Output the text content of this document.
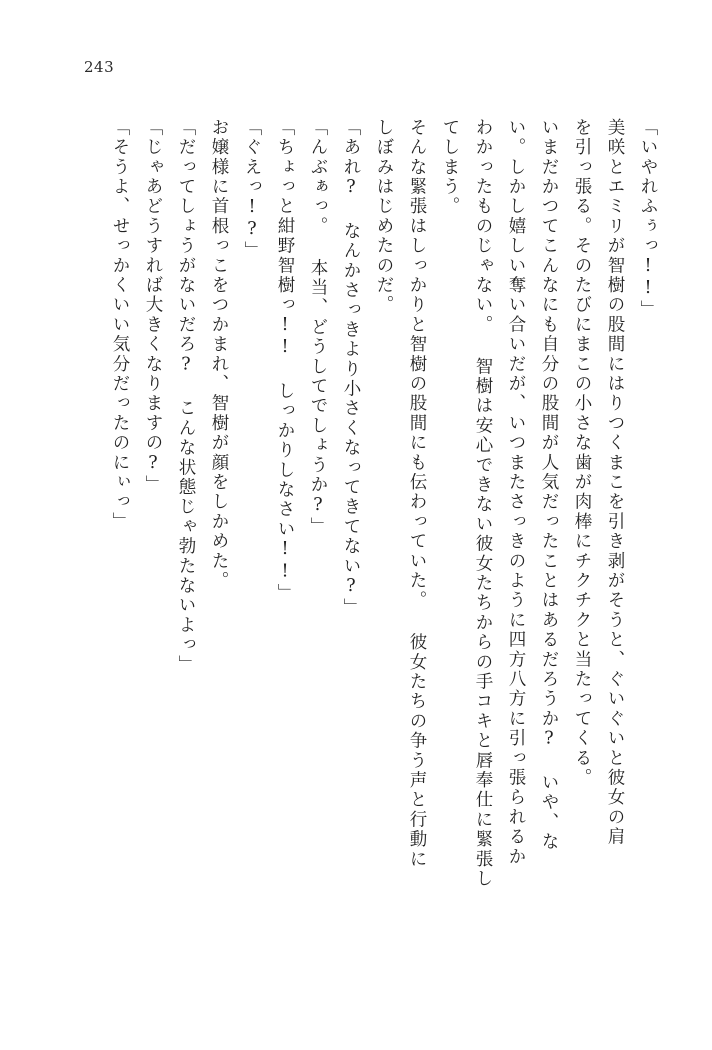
243
「いやれふぅっ!!」
美咲とエミリが智樹の股間にはりつくまこを引き剥がそうと、ぐいぐいと彼女の肩
を引っ張る。そのたびにまこの小さな歯が肉棒にチクチクと当たってくる。
いまだかつてこんなにも自分の股間が人気だったことはあるだろうか? いや、な
い。しかし嬉しい奪い合いだが、いつまたさっきのように四方八方に引っ張られるか
わかったものじゃない。 智樹は安心できない彼女たちからの手コキと唇奉仕に緊張し
てしまう。
そんな緊張はしっかりと智樹の股間にも伝わっていた。 彼女たちの争う声と行動に
しぼみはじめたのだ。
「あれ? なんかさっきより小さくなってきてない?」
「んぶぁっ。 本当、どうしてでしょうか?」
「ちょっと紺野智樹っ!! しっかりしなさい!!」
「ぐえっ!?」
お嬢様に首根っこをつかまれ、智樹が顔をしかめた。
「だってしょうがないだろ? こんな状態じゃ勃たないよっ」
「じゃあどうすれば大きくなりますの?」
「そうよ、せっかくいい気分だったのにぃっ」
